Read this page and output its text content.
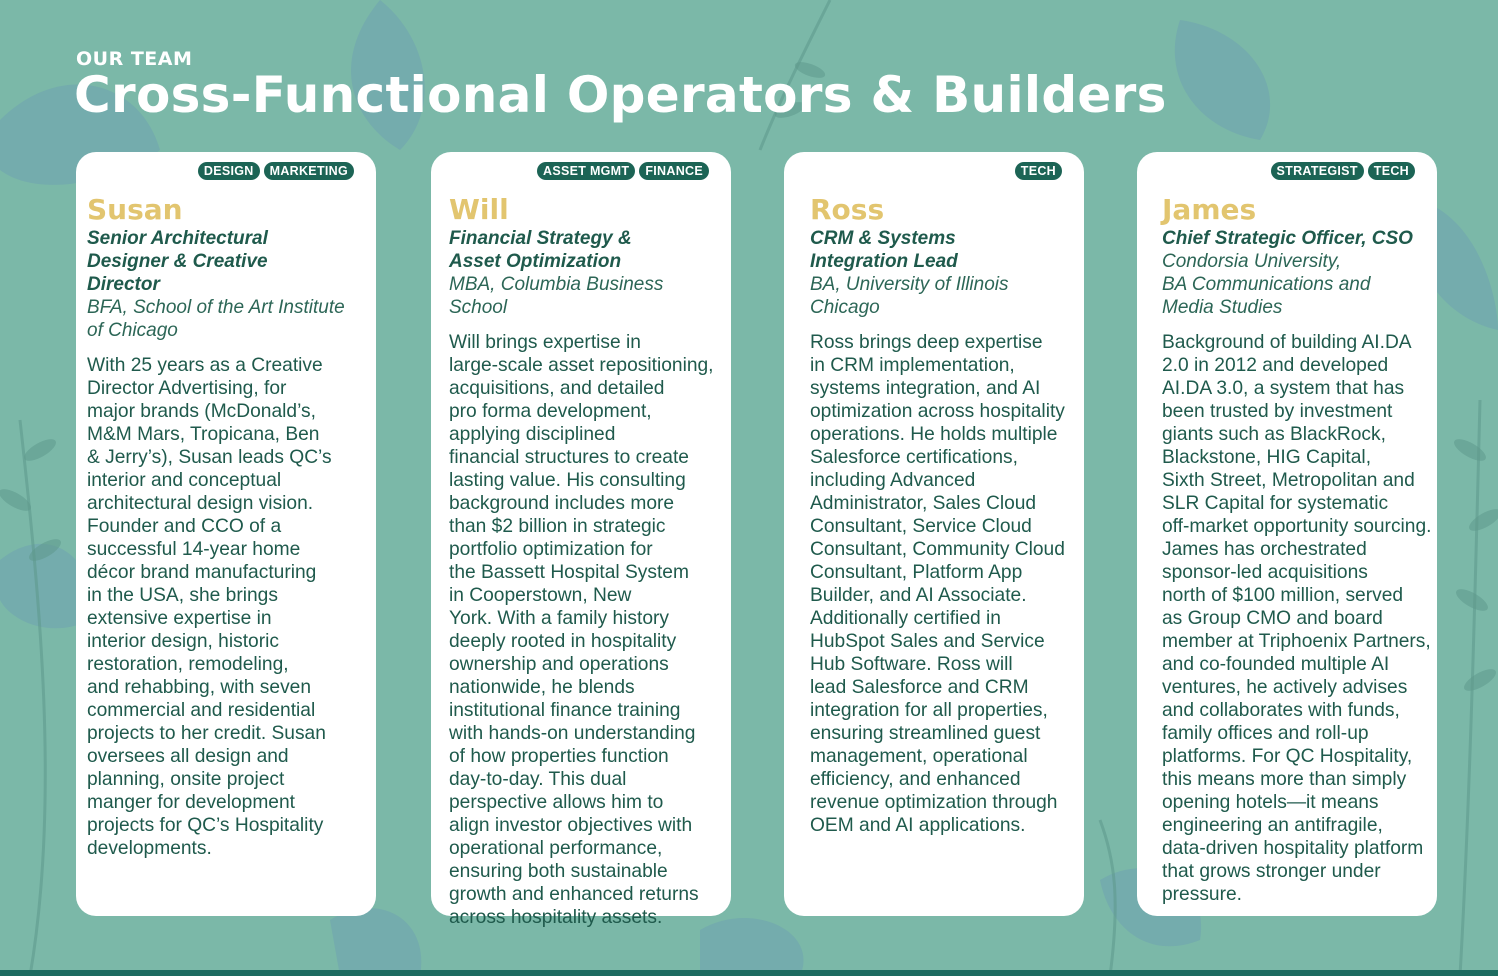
OUR TEAM
Cross-Functional Operators & Builders
DESIGN	MARKETING
Susan
Senior Architectural
Designer & Creative
Director
BFA, School of the Art Institute
of Chicago
With 25 years as a Creative
Director Advertising, for
major brands (McDonald’s,
M&M Mars, Tropicana, Ben
& Jerry’s), Susan leads QC’s
interior and conceptual
architectural design vision.
Founder and CCO of a
successful 14-year home
décor brand manufacturing
in the USA, she brings
extensive expertise in
interior design, historic
restoration, remodeling,
and rehabbing, with seven
commercial and residential
projects to her credit. Susan
oversees all design and
planning, onsite project
manger for development
projects for QC’s Hospitality
developments.
ASSET MGMT	FINANCE
Will
Financial Strategy &
Asset Optimization
MBA, Columbia Business School
Will brings expertise in
large-scale asset repositioning,
acquisitions, and detailed
pro forma development,
applying disciplined
financial structures to create
lasting value. His consulting
background includes more
than $2 billion in strategic
portfolio optimization for
the Bassett Hospital System
in Cooperstown, New
York. With a family history
deeply rooted in hospitality
ownership and operations
nationwide, he blends
institutional finance training
with hands-on understanding
of how properties function
day-to-day. This dual
perspective allows him to
align investor objectives with
operational performance,
ensuring both sustainable
growth and enhanced returns
across hospitality assets.
TECH
Ross
CRM & Systems
Integration Lead
BA, University of Illinois
Chicago
Ross brings deep expertise
in CRM implementation,
systems integration, and AI
optimization across hospitality
operations. He holds multiple
Salesforce certifications,
including Advanced
Administrator, Sales Cloud
Consultant, Service Cloud
Consultant, Community Cloud
Consultant, Platform App
Builder, and AI Associate.
Additionally certified in
HubSpot Sales and Service
Hub Software. Ross will
lead Salesforce and CRM
integration for all properties,
ensuring streamlined guest
management, operational
efficiency, and enhanced
revenue optimization through
OEM and AI applications.
STRATEGIST	TECH
James
Chief Strategic Officer, CSO
Condorsia University,
BA Communications and
Media Studies
Background of building AI.DA
2.0 in 2012 and developed
AI.DA 3.0, a system that has
been trusted by investment
giants such as BlackRock,
Blackstone, HIG Capital,
Sixth Street, Metropolitan and
SLR Capital for systematic
off-market opportunity sourcing.
James has orchestrated
sponsor-led acquisitions
north of $100 million, served
as Group CMO and board
member at Triphoenix Partners,
and co-founded multiple AI
ventures, he actively advises
and collaborates with funds,
family offices and roll-up
platforms. For QC Hospitality,
this means more than simply
opening hotels—it means
engineering an antifragile,
data-driven hospitality platform
that grows stronger under
pressure.
